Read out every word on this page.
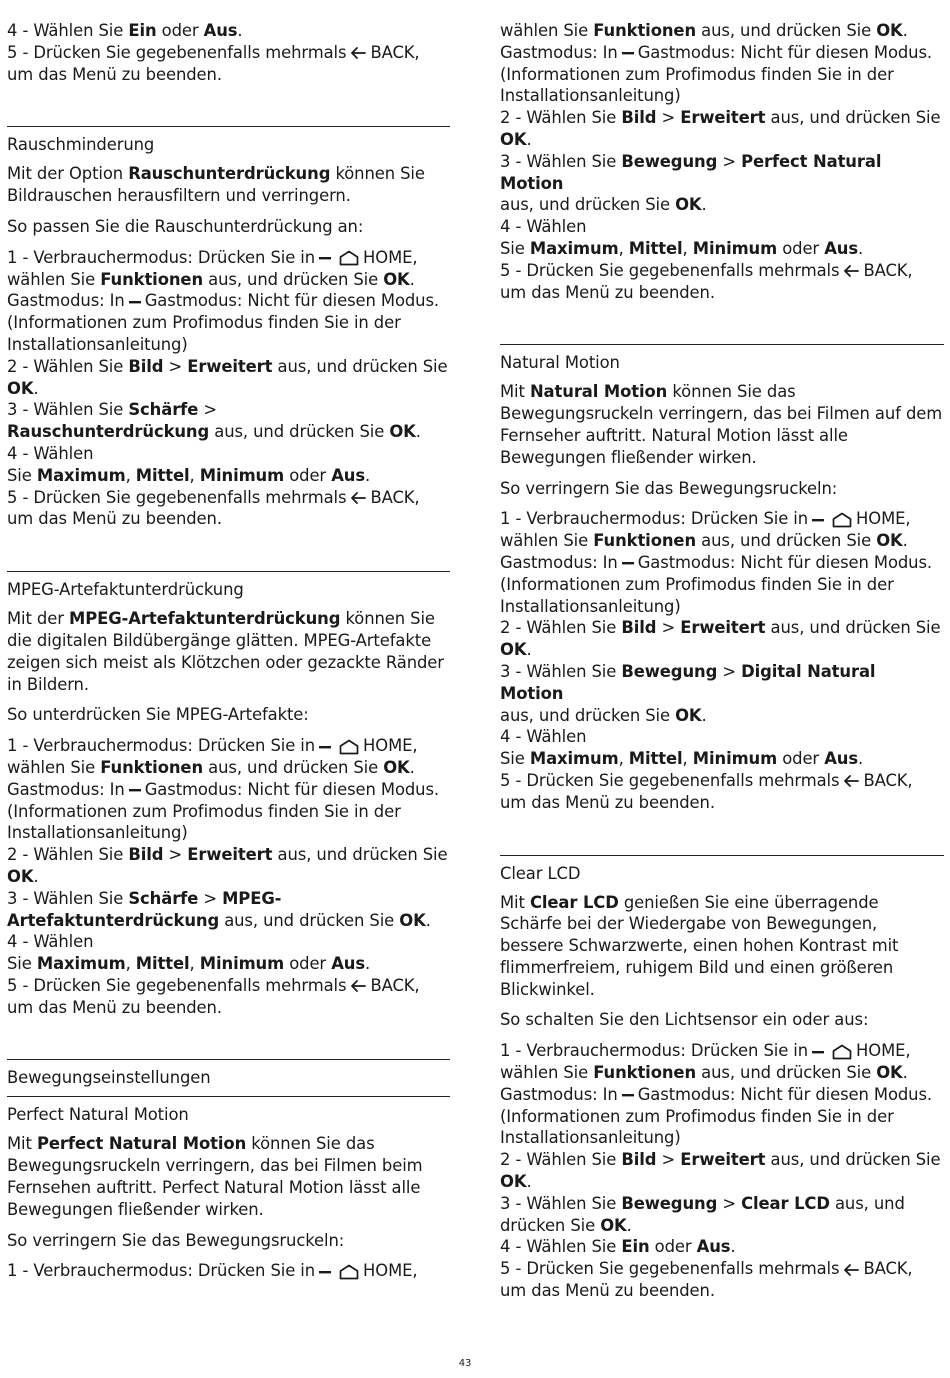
4 - Wählen Sie Ein oder Aus.

5 - Drücken Sie gegebenenfalls mehrmals BACK,
um das Menü zu beenden.

Rauschminderung

Mit der Option Rauschunterdrückung können Sie Bildrauschen herausfiltern und verringern.

So passen Sie die Rauschunterdrückung an:

1 - Verbrauchermodus: Drücken Sie in	HOME,
wählen Sie Funktionen aus, und drücken Sie OK.

Gastmodus: In Gastmodus: Nicht für diesen Modus.

(Informationen zum Profimodus finden Sie in der Installationsanleitung)

2 - Wählen Sie Bild > Erweitert aus, und drücken Sie OK.

3 - Wählen Sie Schärfe >
Rauschunterdrückung aus, und drücken Sie OK.

4 - Wählen
Sie Maximum, Mittel, Minimum oder Aus.

5 - Drücken Sie gegebenenfalls mehrmals BACK,
um das Menü zu beenden.

MPEG-Artefaktunterdrückung

Mit der MPEG-Artefaktunterdrückung können Sie die digitalen Bildübergänge glätten. MPEG-Artefakte zeigen sich meist als Klötzchen oder gezackte Ränder in Bildern.

So unterdrücken Sie MPEG-Artefakte:

1 - Verbrauchermodus: Drücken Sie in	HOME,
wählen Sie Funktionen aus, und drücken Sie OK.

Gastmodus: In Gastmodus: Nicht für diesen Modus.

(Informationen zum Profimodus finden Sie in der Installationsanleitung)

2 - Wählen Sie Bild > Erweitert aus, und drücken Sie OK.

3 - Wählen Sie Schärfe > MPEG-
Artefaktunterdrückung aus, und drücken Sie OK.

4 - Wählen
Sie Maximum, Mittel, Minimum oder Aus.

5 - Drücken Sie gegebenenfalls mehrmals BACK,
um das Menü zu beenden.

Bewegungseinstellungen
Perfect Natural Motion

Mit Perfect Natural Motion können Sie das Bewegungsruckeln verringern, das bei Filmen beim Fernsehen auftritt. Perfect Natural Motion lässt alle Bewegungen fließender wirken.

So verringern Sie das Bewegungsruckeln:

1 - Verbrauchermodus: Drücken Sie in	HOME,

wählen Sie Funktionen aus, und drücken Sie OK.

Gastmodus: In Gastmodus: Nicht für diesen Modus.

(Informationen zum Profimodus finden Sie in der Installationsanleitung)

2 - Wählen Sie Bild > Erweitert aus, und drücken Sie OK.

3 - Wählen Sie Bewegung > Perfect Natural Motion
aus, und drücken Sie OK.

4 - Wählen
Sie Maximum, Mittel, Minimum oder Aus.

5 - Drücken Sie gegebenenfalls mehrmals BACK,
um das Menü zu beenden.

Natural Motion

Mit Natural Motion können Sie das Bewegungsruckeln verringern, das bei Filmen auf dem Fernseher auftritt. Natural Motion lässt alle Bewegungen fließender wirken.

So verringern Sie das Bewegungsruckeln:

1 - Verbrauchermodus: Drücken Sie in	HOME,
wählen Sie Funktionen aus, und drücken Sie OK.

Gastmodus: In Gastmodus: Nicht für diesen Modus.

(Informationen zum Profimodus finden Sie in der Installationsanleitung)

2 - Wählen Sie Bild > Erweitert aus, und drücken Sie OK.

3 - Wählen Sie Bewegung > Digital Natural Motion
aus, und drücken Sie OK.

4 - Wählen
Sie Maximum, Mittel, Minimum oder Aus.

5 - Drücken Sie gegebenenfalls mehrmals BACK,
um das Menü zu beenden.

Clear LCD

Mit Clear LCD genießen Sie eine überragende Schärfe bei der Wiedergabe von Bewegungen, bessere Schwarzwerte, einen hohen Kontrast mit flimmerfreiem, ruhigem Bild und einen größeren Blickwinkel.

So schalten Sie den Lichtsensor ein oder aus:

1 - Verbrauchermodus: Drücken Sie in	HOME,
wählen Sie Funktionen aus, und drücken Sie OK.

Gastmodus: In Gastmodus: Nicht für diesen Modus.

(Informationen zum Profimodus finden Sie in der Installationsanleitung)

2 - Wählen Sie Bild > Erweitert aus, und drücken Sie OK.

3 - Wählen Sie Bewegung > Clear LCD aus, und drücken Sie OK.

4 - Wählen Sie Ein oder Aus.

5 - Drücken Sie gegebenenfalls mehrmals BACK,
um das Menü zu beenden.

43
